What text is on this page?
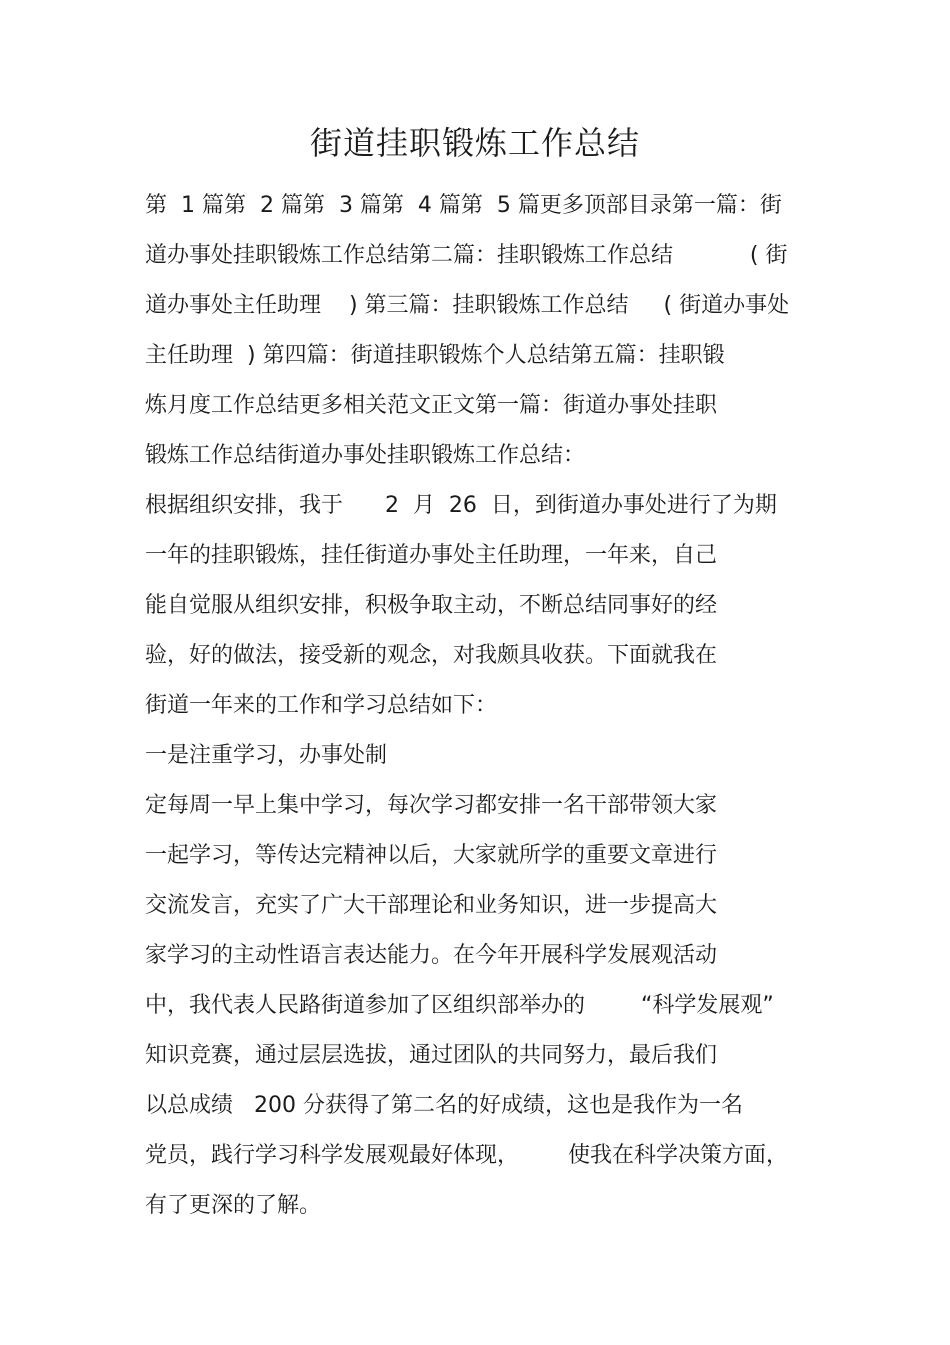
街道挂职锻炼工作总结
第  1 篇第  2 篇第  3 篇第  4 篇第  5 篇更多顶部目录第一篇：街
道办事处挂职锻炼工作总结第二篇：挂职锻炼工作总结           ( 街
道办事处主任助理    ) 第三篇：挂职锻炼工作总结     ( 街道办事处
主任助理  ) 第四篇：街道挂职锻炼个人总结第五篇：挂职锻
炼月度工作总结更多相关范文正文第一篇：街道办事处挂职
锻炼工作总结街道办事处挂职锻炼工作总结：
根据组织安排，我于      2  月  26  日，到街道办事处进行了为期
一年的挂职锻炼，挂任街道办事处主任助理，一年来，自己
能自觉服从组织安排，积极争取主动，不断总结同事好的经
验，好的做法，接受新的观念，对我颇具收获。下面就我在
街道一年来的工作和学习总结如下：
一是注重学习，办事处制
定每周一早上集中学习，每次学习都安排一名干部带领大家
一起学习，等传达完精神以后，大家就所学的重要文章进行
交流发言，充实了广大干部理论和业务知识，进一步提高大
家学习的主动性语言表达能力。在今年开展科学发展观活动
中，我代表人民路街道参加了区组织部举办的        “科学发展观”
知识竞赛，通过层层选拔，通过团队的共同努力，最后我们
以总成绩   200 分获得了第二名的好成绩，这也是我作为一名
党员，践行学习科学发展观最好体现，       使我在科学决策方面，
有了更深的了解。
